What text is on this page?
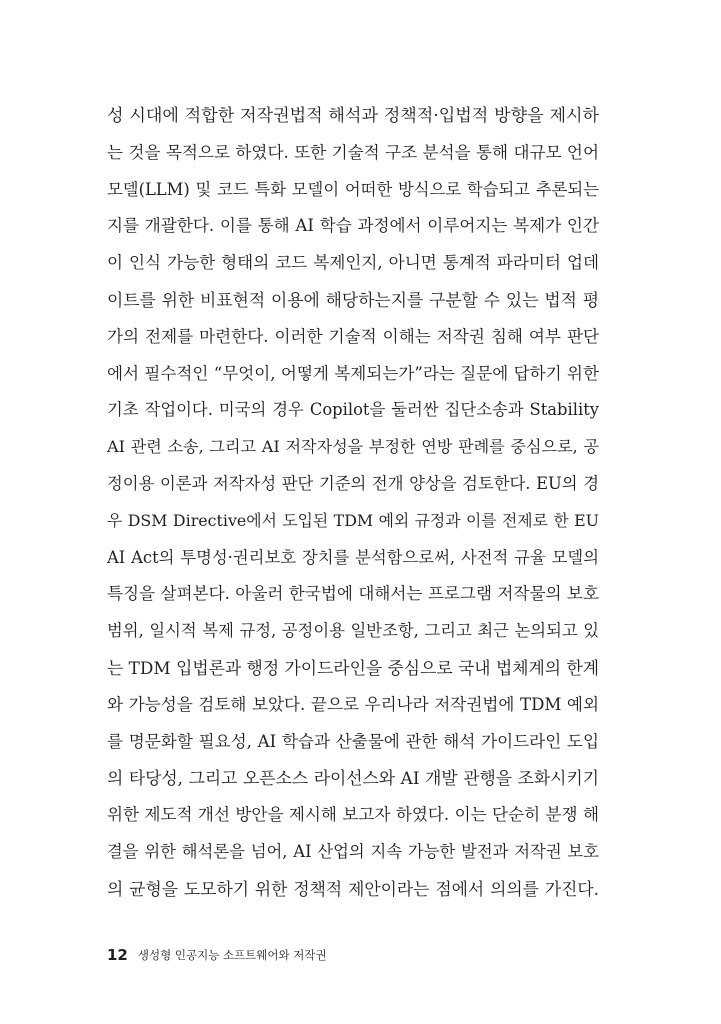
성 시대에 적합한 저작권법적 해석과 정책적·입법적 방향을 제시하
는 것을 목적으로 하였다. 또한 기술적 구조 분석을 통해 대규모 언어
모델(LLM) 및 코드 특화 모델이 어떠한 방식으로 학습되고 추론되는
지를 개괄한다. 이를 통해 AI 학습 과정에서 이루어지는 복제가 인간
이 인식 가능한 형태의 코드 복제인지, 아니면 통계적 파라미터 업데
이트를 위한 비표현적 이용에 해당하는지를 구분할 수 있는 법적 평
가의 전제를 마련한다. 이러한 기술적 이해는 저작권 침해 여부 판단
에서 필수적인 “무엇이, 어떻게 복제되는가”라는 질문에 답하기 위한
기초 작업이다. 미국의 경우 Copilot을 둘러싼 집단소송과 Stability
AI 관련 소송, 그리고 AI 저작자성을 부정한 연방 판례를 중심으로, 공
정이용 이론과 저작자성 판단 기준의 전개 양상을 검토한다. EU의 경
우 DSM Directive에서 도입된 TDM 예외 규정과 이를 전제로 한 EU
AI Act의 투명성·권리보호 장치를 분석함으로써, 사전적 규율 모델의
특징을 살펴본다. 아울러 한국법에 대해서는 프로그램 저작물의 보호
범위, 일시적 복제 규정, 공정이용 일반조항, 그리고 최근 논의되고 있
는 TDM 입법론과 행정 가이드라인을 중심으로 국내 법체계의 한계
와 가능성을 검토해 보았다. 끝으로 우리나라 저작권법에 TDM 예외
를 명문화할 필요성, AI 학습과 산출물에 관한 해석 가이드라인 도입
의 타당성, 그리고 오픈소스 라이선스와 AI 개발 관행을 조화시키기
위한 제도적 개선 방안을 제시해 보고자 하였다. 이는 단순히 분쟁 해
결을 위한 해석론을 넘어, AI 산업의 지속 가능한 발전과 저작권 보호
의 균형을 도모하기 위한 정책적 제안이라는 점에서 의의를 가진다.
12 생성형 인공지능 소프트웨어와 저작권
